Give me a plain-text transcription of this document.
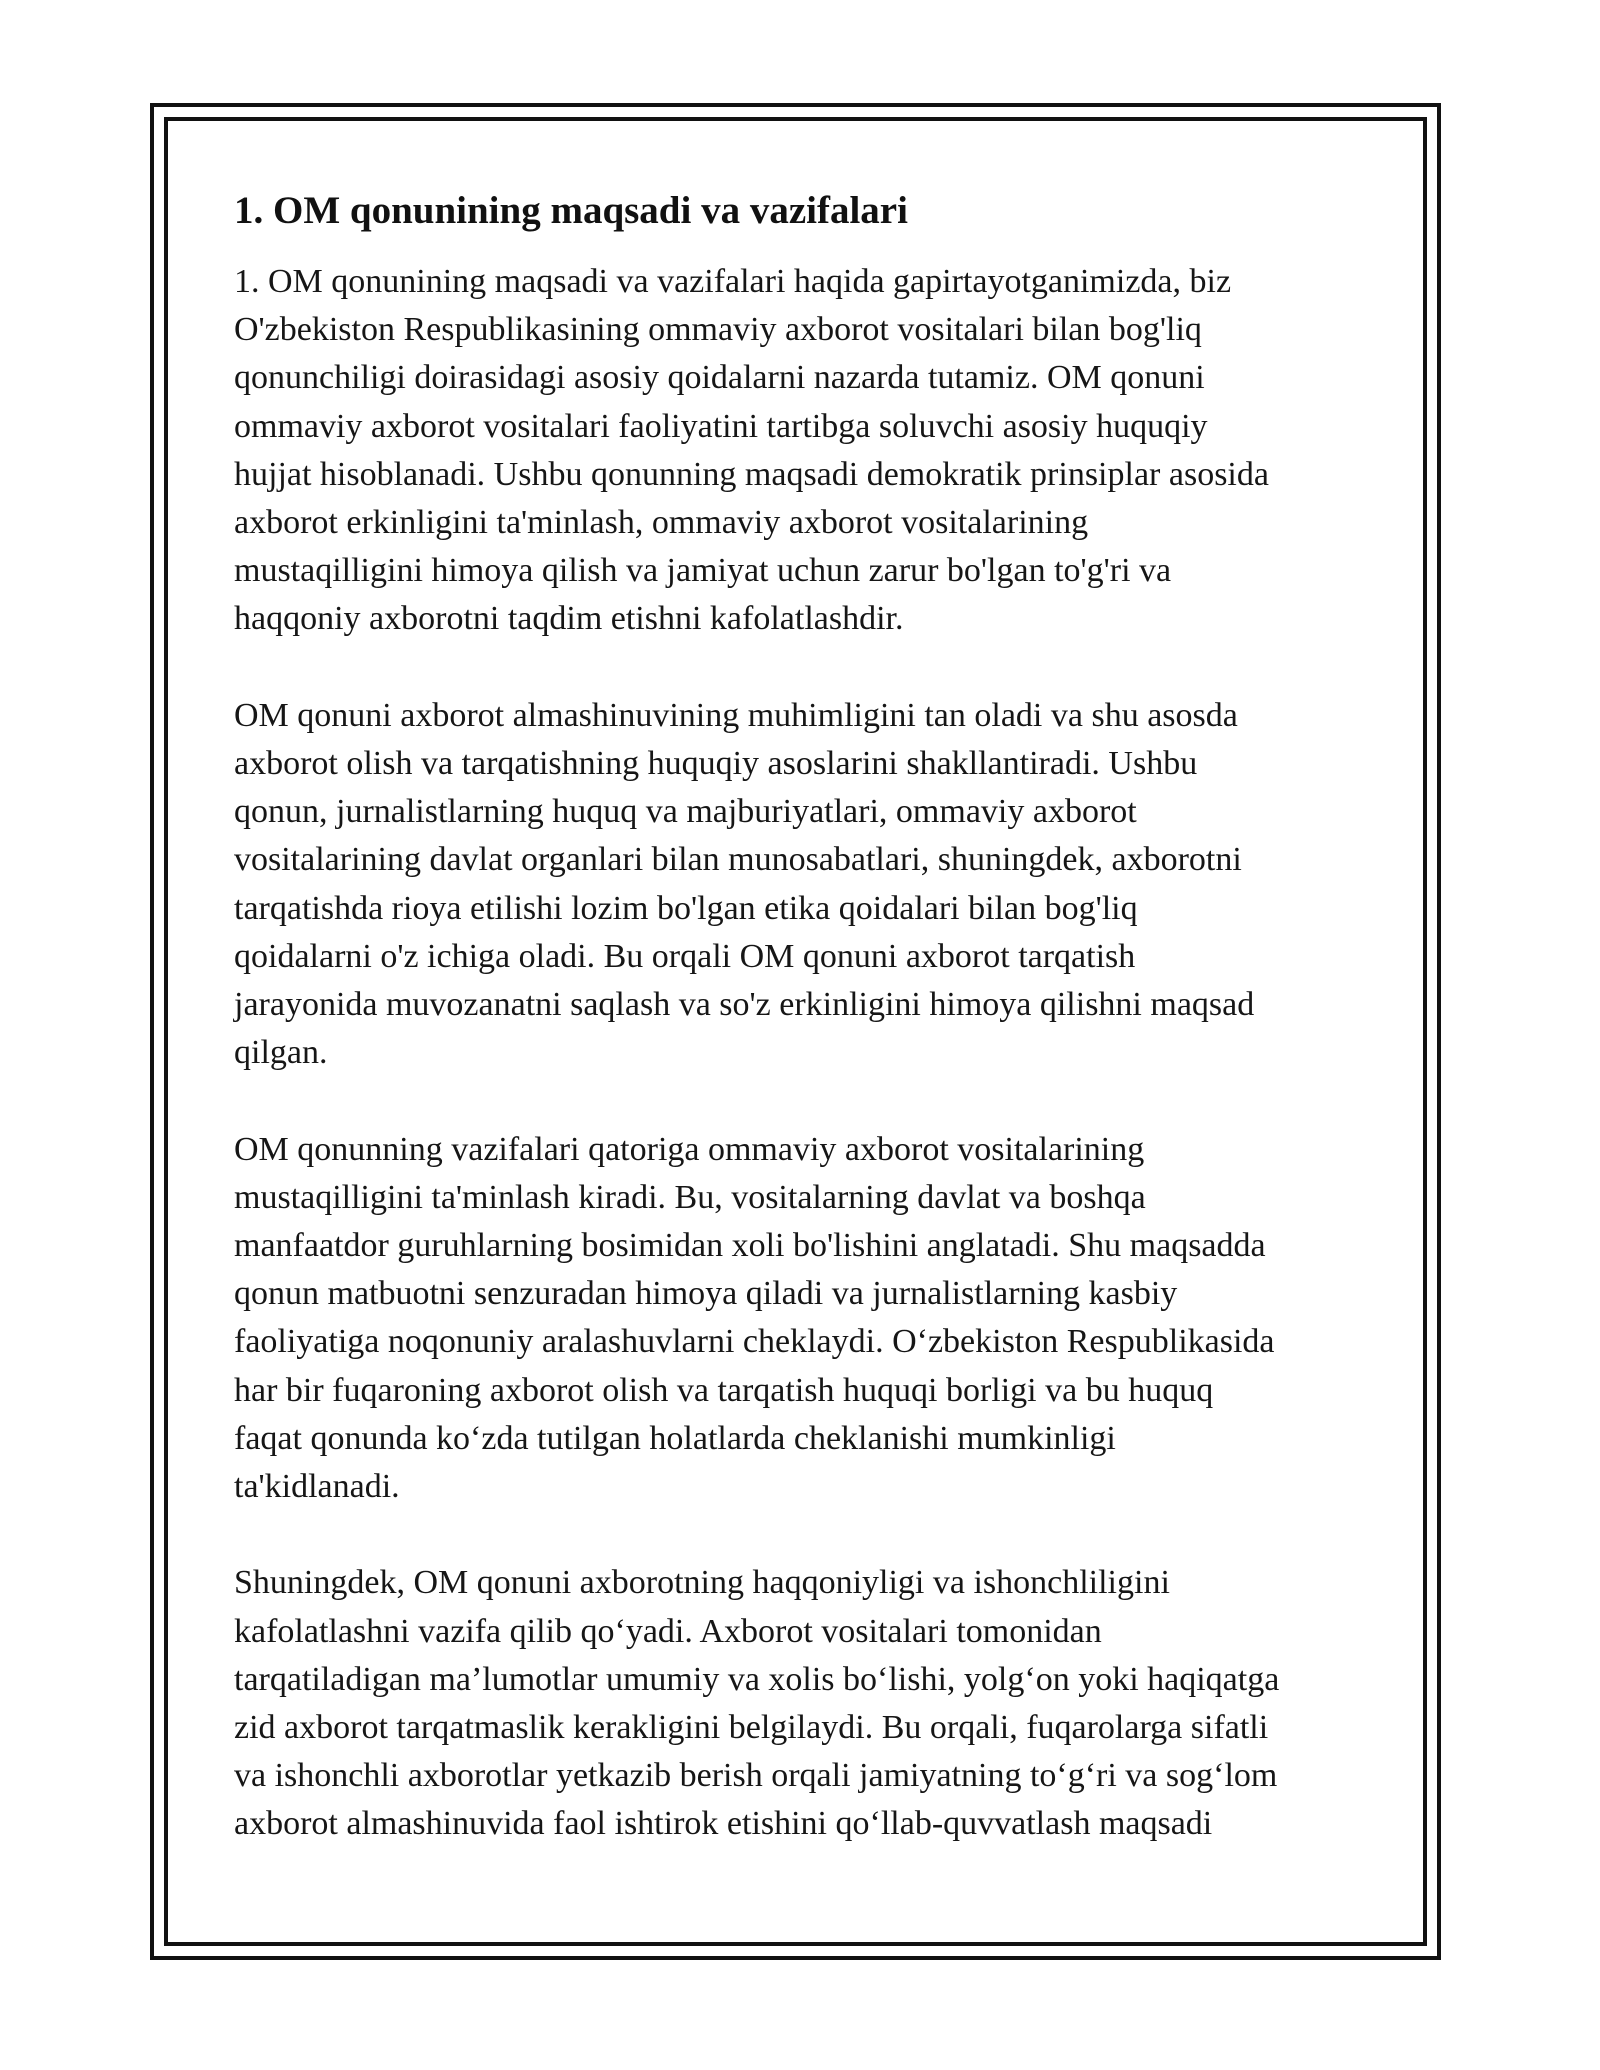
1. OM qonunining maqsadi va vazifalari

1. OM qonunining maqsadi va vazifalari haqida gapirtayotganimizda, biz
O'zbekiston Respublikasining ommaviy axborot vositalari bilan bog'liq
qonunchiligi doirasidagi asosiy qoidalarni nazarda tutamiz. OM qonuni
ommaviy axborot vositalari faoliyatini tartibga soluvchi asosiy huquqiy
hujjat hisoblanadi. Ushbu qonunning maqsadi demokratik prinsiplar asosida
axborot erkinligini ta'minlash, ommaviy axborot vositalarining
mustaqilligini himoya qilish va jamiyat uchun zarur bo'lgan to'g'ri va
haqqoniy axborotni taqdim etishni kafolatlashdir.

OM qonuni axborot almashinuvining muhimligini tan oladi va shu asosda
axborot olish va tarqatishning huquqiy asoslarini shakllantiradi. Ushbu
qonun, jurnalistlarning huquq va majburiyatlari, ommaviy axborot
vositalarining davlat organlari bilan munosabatlari, shuningdek, axborotni
tarqatishda rioya etilishi lozim bo'lgan etika qoidalari bilan bog'liq
qoidalarni o'z ichiga oladi. Bu orqali OM qonuni axborot tarqatish
jarayonida muvozanatni saqlash va so'z erkinligini himoya qilishni maqsad
qilgan.

OM qonunning vazifalari qatoriga ommaviy axborot vositalarining
mustaqilligini ta'minlash kiradi. Bu, vositalarning davlat va boshqa
manfaatdor guruhlarning bosimidan xoli bo'lishini anglatadi. Shu maqsadda
qonun matbuotni senzuradan himoya qiladi va jurnalistlarning kasbiy
faoliyatiga noqonuniy aralashuvlarni cheklaydi. O‘zbekiston Respublikasida
har bir fuqaroning axborot olish va tarqatish huquqi borligi va bu huquq
faqat qonunda ko‘zda tutilgan holatlarda cheklanishi mumkinligi
ta'kidlanadi.

Shuningdek, OM qonuni axborotning haqqoniyligi va ishonchliligini
kafolatlashni vazifa qilib qo‘yadi. Axborot vositalari tomonidan
tarqatiladigan ma’lumotlar umumiy va xolis bo‘lishi, yolg‘on yoki haqiqatga
zid axborot tarqatmaslik kerakligini belgilaydi. Bu orqali, fuqarolarga sifatli
va ishonchli axborotlar yetkazib berish orqali jamiyatning to‘g‘ri va sog‘lom
axborot almashinuvida faol ishtirok etishini qo‘llab-quvvatlash maqsadi
